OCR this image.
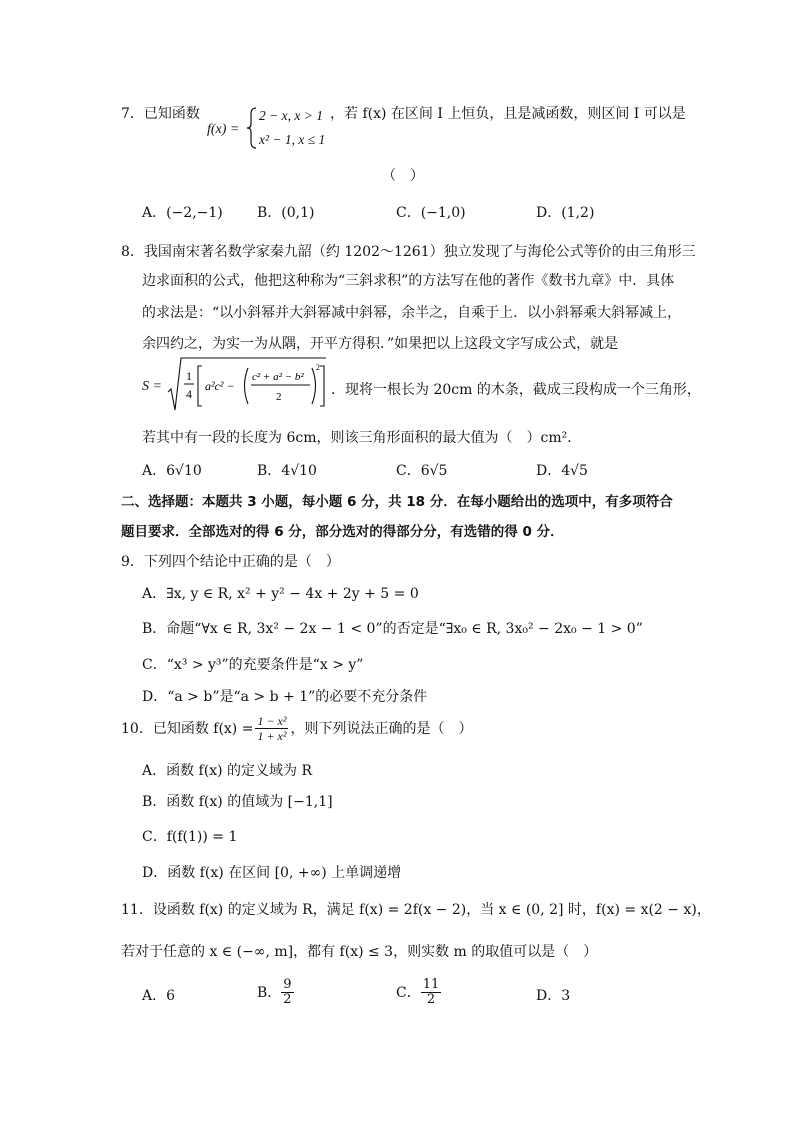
7．已知函数
f(x) =
2 − x, x > 1
x² − 1, x ≤ 1
，若 f(x) 在区间 I 上恒负，且是减函数，则区间 I 可以是
（　）
A．(−2,−1) B．(0,1)	C．(−1,0)	D．(1,2)
8．我国南宋著名数学家秦九韶（约 1202～1261）独立发现了与海伦公式等价的由三角形三
边求面积的公式，他把这种称为“三斜求积”的方法写在他的著作《数书九章》中．具体
的求法是：“以小斜幂并大斜幂减中斜幂，余半之，自乘于上．以小斜幂乘大斜幂减上，
余四约之，为实一为从隅，开平方得积．”如果把以上这段文字写成公式，就是
S =
1
4
a²c² −
c² + a² − b²
2
2
．现将一根长为 20cm 的木条，截成三段构成一个三角形，
若其中有一段的长度为 6cm，则该三角形面积的最大值为（　）cm²．
A．6√10	B．4√10	C．6√5	D．4√5
二、选择题：本题共 3 小题，每小题 6 分，共 18 分．在每小题给出的选项中，有多项符合
题目要求．全部选对的得 6 分，部分选对的得部分分，有选错的得 0 分．
9．下列四个结论中正确的是（　）
A．∃x, y ∈ R, x² + y² − 4x + 2y + 5 = 0
B．命题“∀x ∈ R, 3x² − 2x − 1 < 0”的否定是“∃x₀ ∈ R, 3x₀² − 2x₀ − 1 > 0”
C．“x³ > y³”的充要条件是“x > y”
D．“a > b”是“a > b + 1”的必要不充分条件
10．已知函数 $f(x) = \frac{\text{1 − x²}}{\text{1 + x²}}$ ，则下列说法正确的是（　）
A．函数 f(x) 的定义域为 R
B．函数 f(x) 的值域为 [−1,1]
C．f(f(1)) = 1
D．函数 f(x) 在区间 [0, +∞) 上单调递增
11．设函数 f(x) 的定义域为 R，满足 f(x) = 2f(x − 2)，当 x ∈ (0, 2] 时，f(x) = x(2 − x)，
若对于任意的 x ∈ (−∞, m]，都有 f(x) ≤ 3，则实数 m 的取值可以是（　）
A．6	B． $\frac{9}{2}$	C． $\frac{11}{2}$	D．3
